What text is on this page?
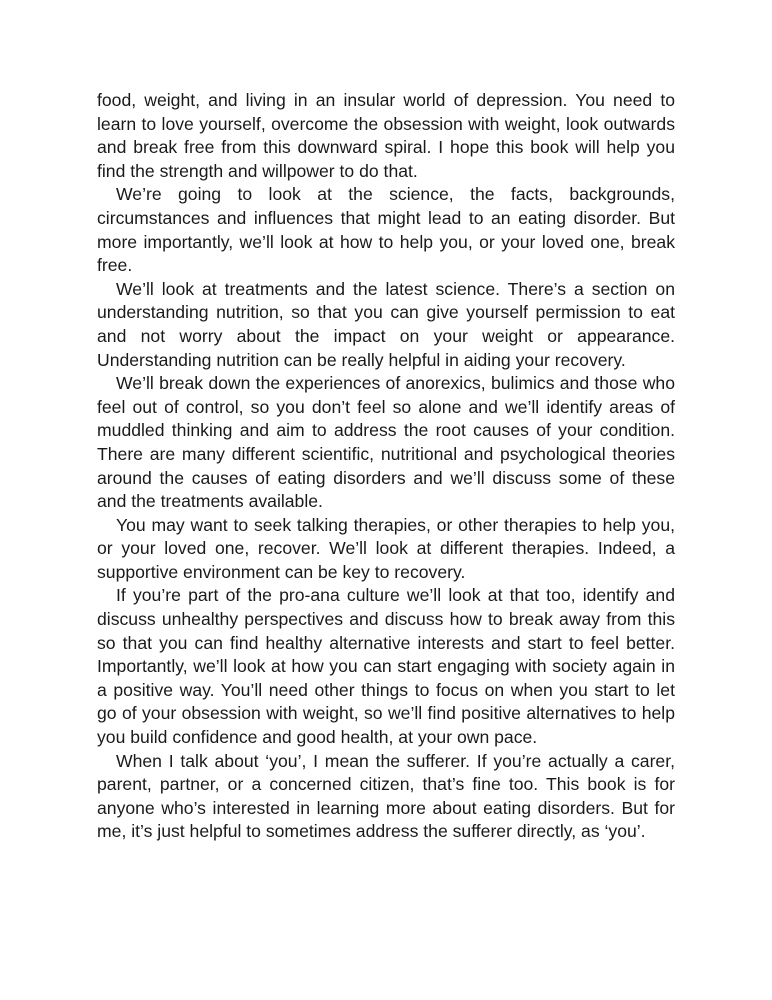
food, weight, and living in an insular world of depression. You need to learn to love yourself, overcome the obsession with weight, look outwards and break free from this downward spiral. I hope this book will help you find the strength and willpower to do that.

We’re going to look at the science, the facts, backgrounds, circumstances and influences that might lead to an eating disorder. But more importantly, we’ll look at how to help you, or your loved one, break free.

We’ll look at treatments and the latest science. There’s a section on understanding nutrition, so that you can give yourself permission to eat and not worry about the impact on your weight or appearance. Understanding nutrition can be really helpful in aiding your recovery.

We’ll break down the experiences of anorexics, bulimics and those who feel out of control, so you don’t feel so alone and we’ll identify areas of muddled thinking and aim to address the root causes of your condition. There are many different scientific, nutritional and psychological theories around the causes of eating disorders and we’ll discuss some of these and the treatments available.

You may want to seek talking therapies, or other therapies to help you, or your loved one, recover. We’ll look at different therapies. Indeed, a supportive environment can be key to recovery.

If you’re part of the pro-ana culture we’ll look at that too, identify and discuss unhealthy perspectives and discuss how to break away from this so that you can find healthy alternative interests and start to feel better. Importantly, we’ll look at how you can start engaging with society again in a positive way. You’ll need other things to focus on when you start to let go of your obsession with weight, so we’ll find positive alternatives to help you build confidence and good health, at your own pace.

When I talk about ‘you’, I mean the sufferer. If you’re actually a carer, parent, partner, or a concerned citizen, that’s fine too. This book is for anyone who’s interested in learning more about eating disorders. But for me, it’s just helpful to sometimes address the sufferer directly, as ‘you’.
